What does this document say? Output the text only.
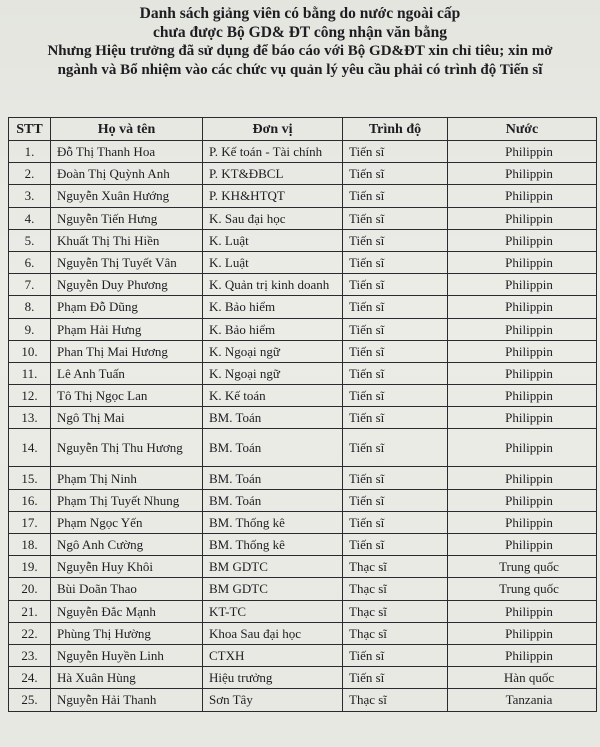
Danh sách giảng viên có bằng do nước ngoài cấp
chưa được Bộ GD& ĐT công nhận văn bằng
Nhưng Hiệu trưởng đã sử dụng để báo cáo với Bộ GD&ĐT xin chỉ tiêu; xin mở
ngành và Bổ nhiệm vào các chức vụ quản lý yêu cầu phải có trình độ Tiến sĩ
STT	Họ và tên	Đơn vị	Trình độ	Nước
1.	Đỗ Thị Thanh Hoa	P. Kế toán - Tài chính	Tiến sĩ	Philippin
2.	Đoàn Thị Quỳnh Anh	P. KT&ĐBCL	Tiến sĩ	Philippin
3.	Nguyễn Xuân Hướng	P. KH&HTQT	Tiến sĩ	Philippin
4.	Nguyễn Tiến Hưng	K. Sau đại học	Tiến sĩ	Philippin
5.	Khuất Thị Thi Hiền	K. Luật	Tiến sĩ	Philippin
6.	Nguyễn Thị Tuyết Vân	K. Luật	Tiến sĩ	Philippin
7.	Nguyễn Duy Phương	K. Quản trị kinh doanh	Tiến sĩ	Philippin
8.	Phạm Đỗ Dũng	K. Bảo hiểm	Tiến sĩ	Philippin
9.	Phạm Hải Hưng	K. Bảo hiểm	Tiến sĩ	Philippin
10.	Phan Thị Mai Hương	K. Ngoại ngữ	Tiến sĩ	Philippin
11.	Lê Anh Tuấn	K. Ngoại ngữ	Tiến sĩ	Philippin
12.	Tô Thị Ngọc Lan	K. Kế toán	Tiến sĩ	Philippin
13.	Ngô Thị Mai	BM. Toán	Tiến sĩ	Philippin
14.	Nguyễn Thị Thu Hương	BM. Toán	Tiến sĩ	Philippin
15.	Phạm Thị Ninh	BM. Toán	Tiến sĩ	Philippin
16.	Phạm Thị Tuyết Nhung	BM. Toán	Tiến sĩ	Philippin
17.	Phạm Ngọc Yến	BM. Thống kê	Tiến sĩ	Philippin
18.	Ngô Anh Cường	BM. Thống kê	Tiến sĩ	Philippin
19.	Nguyễn Huy Khôi	BM GDTC	Thạc sĩ	Trung quốc
20.	Bùi Doãn Thao	BM GDTC	Thạc sĩ	Trung quốc
21.	Nguyễn Đắc Mạnh	KT-TC	Thạc sĩ	Philippin
22.	Phùng Thị Hường	Khoa Sau đại học	Thạc sĩ	Philippin
23.	Nguyễn Huyền Linh	CTXH	Tiến sĩ	Philippin
24.	Hà Xuân Hùng	Hiệu trưởng	Tiến sĩ	Hàn quốc
25.	Nguyễn Hải Thanh	Sơn Tây	Thạc sĩ	Tanzania
